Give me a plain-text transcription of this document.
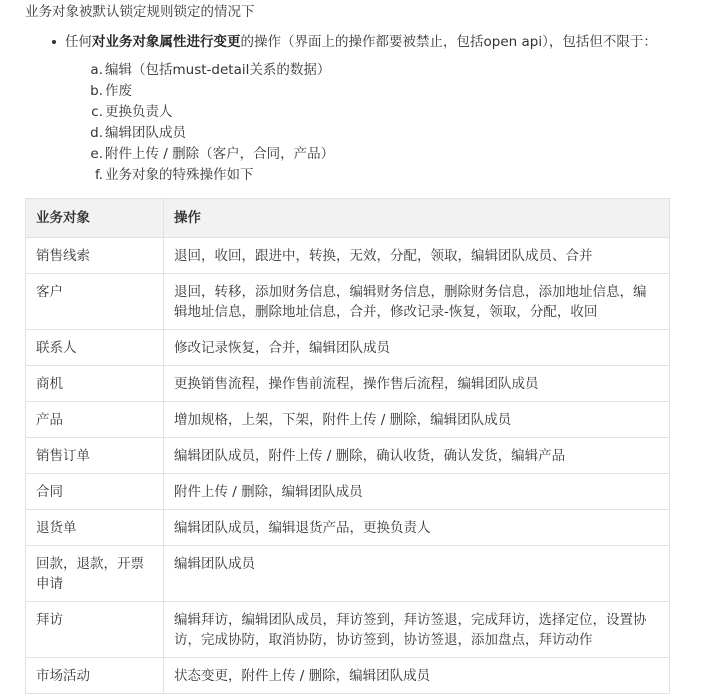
业务对象被默认锁定规则锁定的情况下

任何对业务对象属性进行变更的操作（界面上的操作都要被禁止，包括open api），包括但不限于：
a. 编辑（包括must-detail关系的数据）
b. 作废
c. 更换负责人
d. 编辑团队成员
e. 附件上传 / 删除（客户，合同，产品）
f. 业务对象的特殊操作如下
业务对象	操作
销售线索	退回，收回，跟进中，转换，无效，分配，领取，编辑团队成员、合并
客户	退回，转移，添加财务信息，编辑财务信息，删除财务信息，添加地址信息，编辑地址信息，删除地址信息，合并，修改记录-恢复，领取，分配，收回
联系人	修改记录恢复，合并，编辑团队成员
商机	更换销售流程，操作售前流程，操作售后流程，编辑团队成员
产品	增加规格，上架，下架，附件上传 / 删除，编辑团队成员
销售订单	编辑团队成员，附件上传 / 删除，确认收货，确认发货，编辑产品
合同	附件上传 / 删除，编辑团队成员
退货单	编辑团队成员，编辑退货产品，更换负责人
回款，退款，开票申请	编辑团队成员
拜访	编辑拜访，编辑团队成员，拜访签到，拜访签退，完成拜访，选择定位，设置协访，完成协防，取消协防，协访签到，协访签退，添加盘点，拜访动作
市场活动	状态变更，附件上传 / 删除，编辑团队成员
